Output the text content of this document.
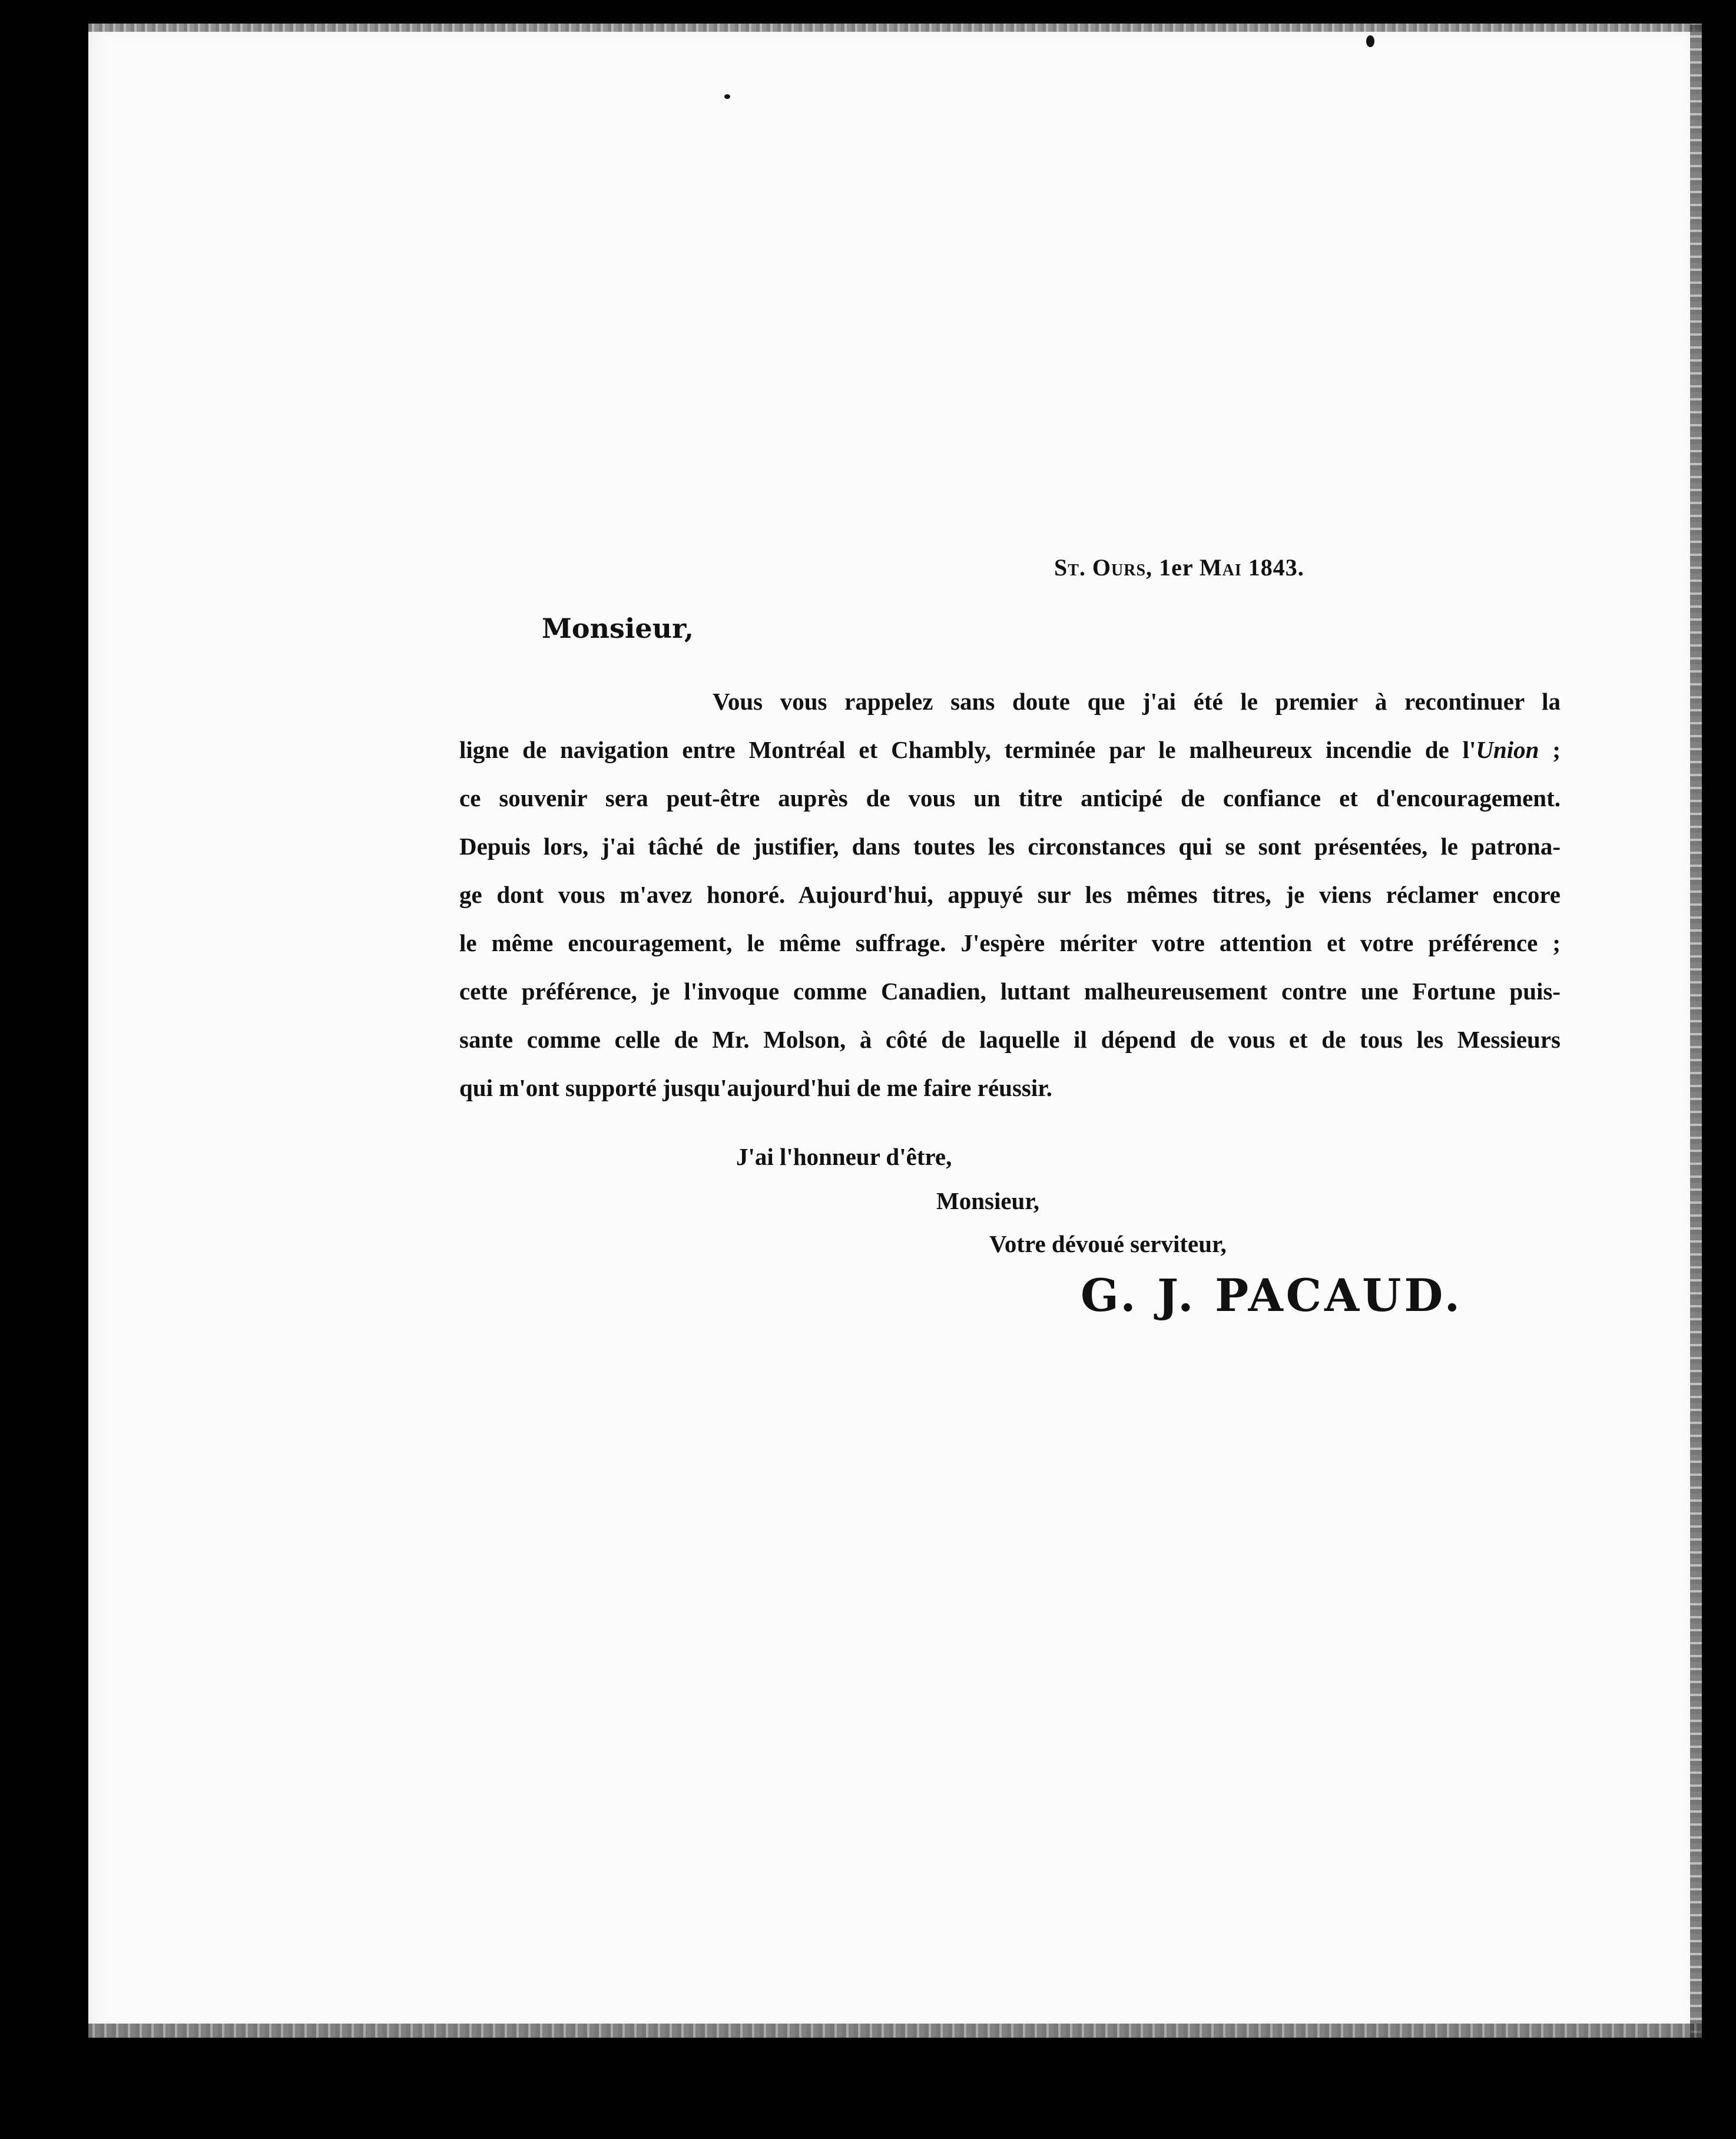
St. Ours, 1er Mai 1843.
Monsieur,
Vous vous rappelez sans doute que j'ai été le premier à recontinuer la
ligne de navigation entre Montréal et Chambly, terminée par le malheureux incendie de l'Union ;
ce souvenir sera peut-être auprès de vous un titre anticipé de confiance et d'encouragement.
Depuis lors, j'ai tâché de justifier, dans toutes les circonstances qui se sont présentées, le patrona-
ge dont vous m'avez honoré. Aujourd'hui, appuyé sur les mêmes titres, je viens réclamer encore
le même encouragement, le même suffrage. J'espère mériter votre attention et votre préférence ;
cette préférence, je l'invoque comme Canadien, luttant malheureusement contre une Fortune puis-
sante comme celle de Mr. Molson, à côté de laquelle il dépend de vous et de tous les Messieurs
qui m'ont supporté jusqu'aujourd'hui de me faire réussir.
J'ai l'honneur d'être,
Monsieur,
Votre dévoué serviteur,
G. J. PACAUD.
